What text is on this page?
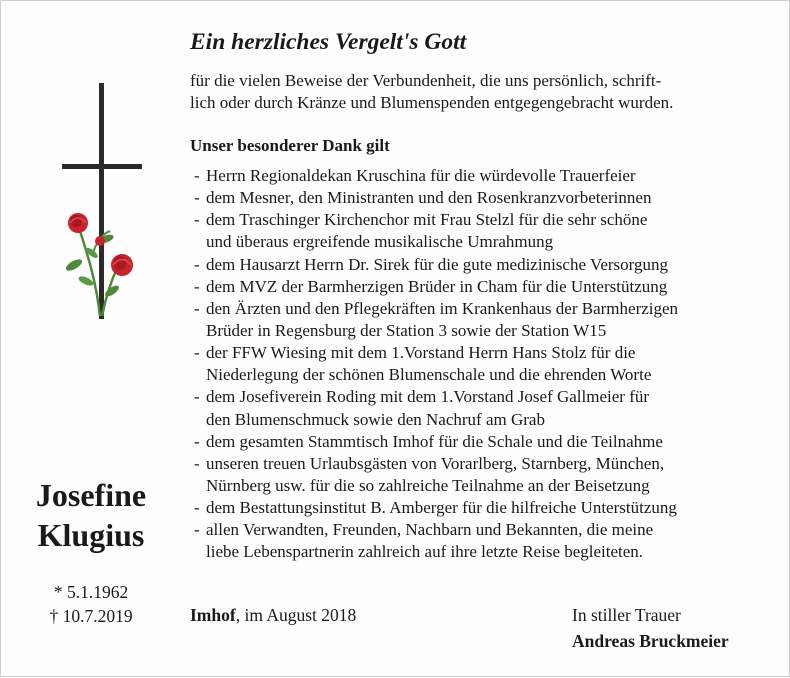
Josefine
Klugius
* 5.1.1962
† 10.7.2019
Ein herzliches Vergelt's Gott
für die vielen Beweise der Verbundenheit, die uns persönlich, schrift-
lich oder durch Kränze und Blumenspenden entgegengebracht wurden.
Unser besonderer Dank gilt
- Herrn Regionaldekan Kruschina für die würdevolle Trauerfeier
- dem Mesner, den Ministranten und den Rosenkranzvorbeterinnen
- dem Traschinger Kirchenchor mit Frau Stelzl für die sehr schöne
und überaus ergreifende musikalische Umrahmung
- dem Hausarzt Herrn Dr. Sirek für die gute medizinische Versorgung
- dem MVZ der Barmherzigen Brüder in Cham für die Unterstützung
- den Ärzten und den Pflegekräften im Krankenhaus der Barmherzigen
Brüder in Regensburg der Station 3 sowie der Station W15
- der FFW Wiesing mit dem 1.Vorstand Herrn Hans Stolz für die
Niederlegung der schönen Blumenschale und die ehrenden Worte
- dem Josefiverein Roding mit dem 1.Vorstand Josef Gallmeier für
den Blumenschmuck sowie den Nachruf am Grab
- dem gesamten Stammtisch Imhof für die Schale und die Teilnahme
- unseren treuen Urlaubsgästen von Vorarlberg, Starnberg, München,
Nürnberg usw. für die so zahlreiche Teilnahme an der Beisetzung
- dem Bestattungsinstitut B. Amberger für die hilfreiche Unterstützung
- allen Verwandten, Freunden, Nachbarn und Bekannten, die meine
liebe Lebenspartnerin zahlreich auf ihre letzte Reise begleiteten.
Imhof, im August 2018	In stiller Trauer
Andreas Bruckmeier
